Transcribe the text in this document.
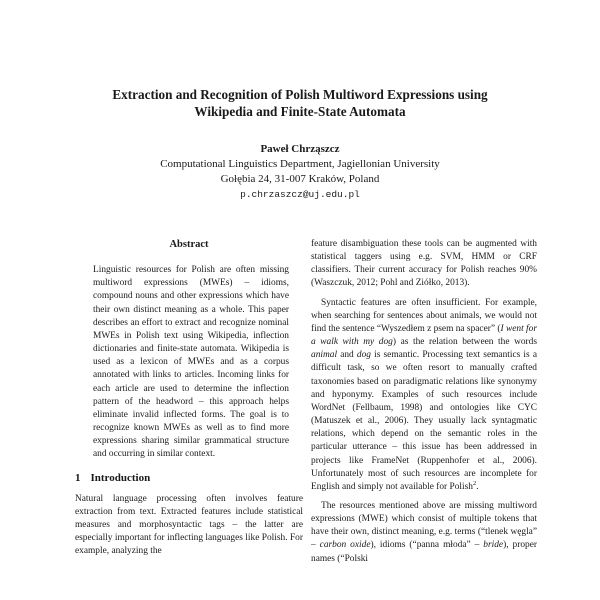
Extraction and Recognition of Polish Multiword Expressions using
Wikipedia and Finite-State Automata
Paweł Chrząszcz
Computational Linguistics Department, Jagiellonian University
Gołębia 24, 31-007 Kraków, Poland
p.chrzaszcz@uj.edu.pl
Abstract

Linguistic resources for Polish are often missing multiword expressions (MWEs) – idioms, compound nouns and other expressions which have their own distinct meaning as a whole. This paper describes an effort to extract and recognize nominal MWEs in Polish text using Wikipedia, inflection dictionaries and finite-state automata. Wikipedia is used as a lexicon of MWEs and as a corpus annotated with links to articles. Incoming links for each article are used to determine the inflection pattern of the headword – this approach helps eliminate invalid inflected forms. The goal is to recognize known MWEs as well as to find more expressions sharing similar grammatical structure and occurring in similar context.

1 Introduction

Natural language processing often involves feature extraction from text. Extracted features include statistical measures and morphosyntactic tags – the latter are especially important for inflecting languages like Polish. For example, analyzing the

feature disambiguation these tools can be augmented with statistical taggers using e.g. SVM, HMM or CRF classifiers. Their current accuracy for Polish reaches 90% (Waszczuk, 2012; Pohl and Ziółko, 2013).

Syntactic features are often insufficient. For example, when searching for sentences about animals, we would not find the sentence “Wyszedłem z psem na spacer” (I went for a walk with my dog) as the relation between the words animal and dog is semantic. Processing text semantics is a difficult task, so we often resort to manually crafted taxonomies based on paradigmatic relations like synonymy and hyponymy. Examples of such resources include WordNet (Fellbaum, 1998) and ontologies like CYC (Matuszek et al., 2006). They usually lack syntagmatic relations, which depend on the semantic roles in the particular utterance – this issue has been addressed in projects like FrameNet (Ruppenhofer et al., 2006). Unfortunately most of such resources are incomplete for English and simply not available for Polish$^2$.

The resources mentioned above are missing multiword expressions (MWE) which consist of multiple tokens that have their own, distinct meaning, e.g. terms (“tlenek węgla” – carbon oxide), idioms (“panna młoda” – bride), proper names (“Polski
